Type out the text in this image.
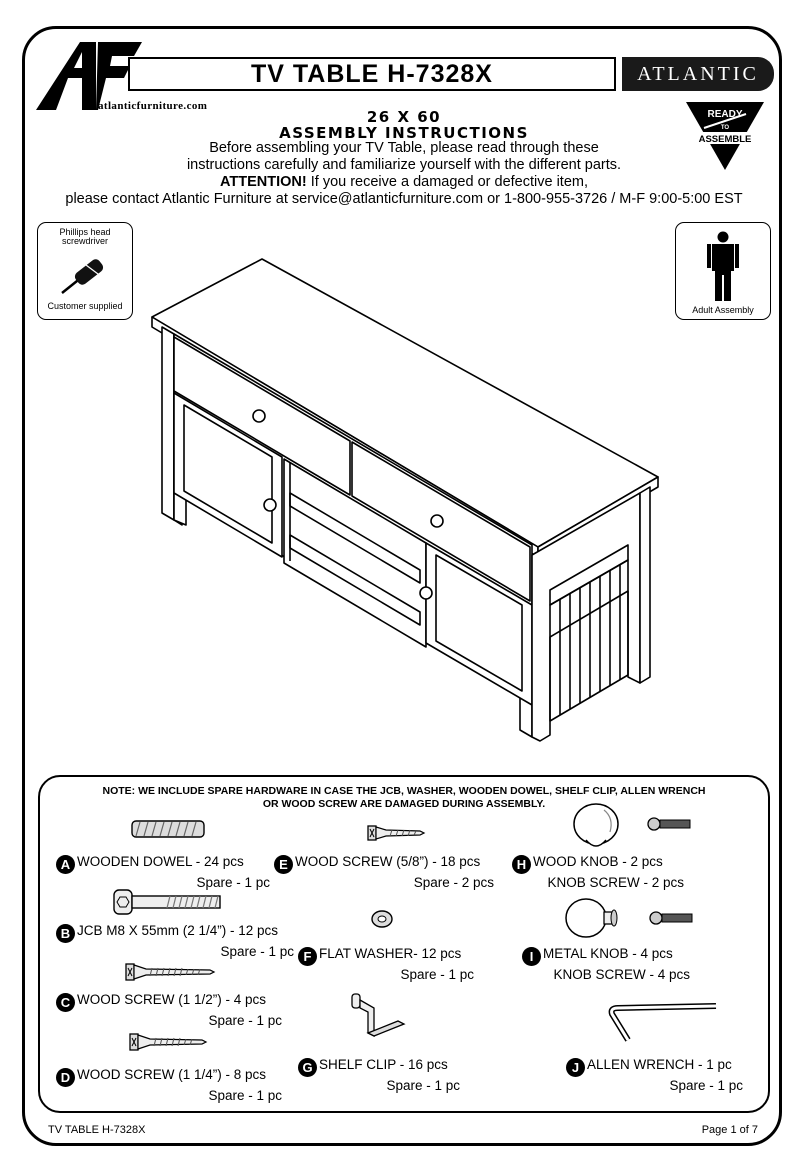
TV TABLE H-7328X	ATLANTIC
atlanticfurniture.com
READY
TO
ASSEMBLE
26 X 60
ASSEMBLY INSTRUCTIONS
Before assembling your TV Table, please read through these
instructions carefully and familiarize yourself with the different parts.
ATTENTION! If you receive a damaged or defective item,
please contact Atlantic Furniture at service@atlanticfurniture.com or 1-800-955-3726 / M-F 9:00-5:00 EST
Phillips head
screwdriver
Customer supplied	Adult Assembly
NOTE: WE INCLUDE SPARE HARDWARE IN CASE THE JCB, WASHER, WOODEN DOWEL, SHELF CLIP, ALLEN WRENCH
OR WOOD SCREW ARE DAMAGED DURING ASSEMBLY.
A WOODEN DOWEL - 24 pcs
Spare - 1 pc
B JCB M8 X 55mm (2 1/4”) - 12 pcs
Spare - 1 pc
C WOOD SCREW (1 1/2”) - 4 pcs
Spare - 1 pc
D WOOD SCREW (1 1/4”) - 8 pcs
Spare - 1 pc
E WOOD SCREW (5/8”) - 18 pcs
Spare - 2 pcs
F FLAT WASHER- 12 pcs
Spare - 1 pc
G SHELF CLIP - 16 pcs
Spare - 1 pc
H WOOD KNOB - 2 pcs
KNOB SCREW - 2 pcs
I METAL KNOB - 4 pcs
KNOB SCREW - 4 pcs
J ALLEN WRENCH - 1 pc
Spare - 1 pc
TV TABLE H-7328X	Page 1 of 7
